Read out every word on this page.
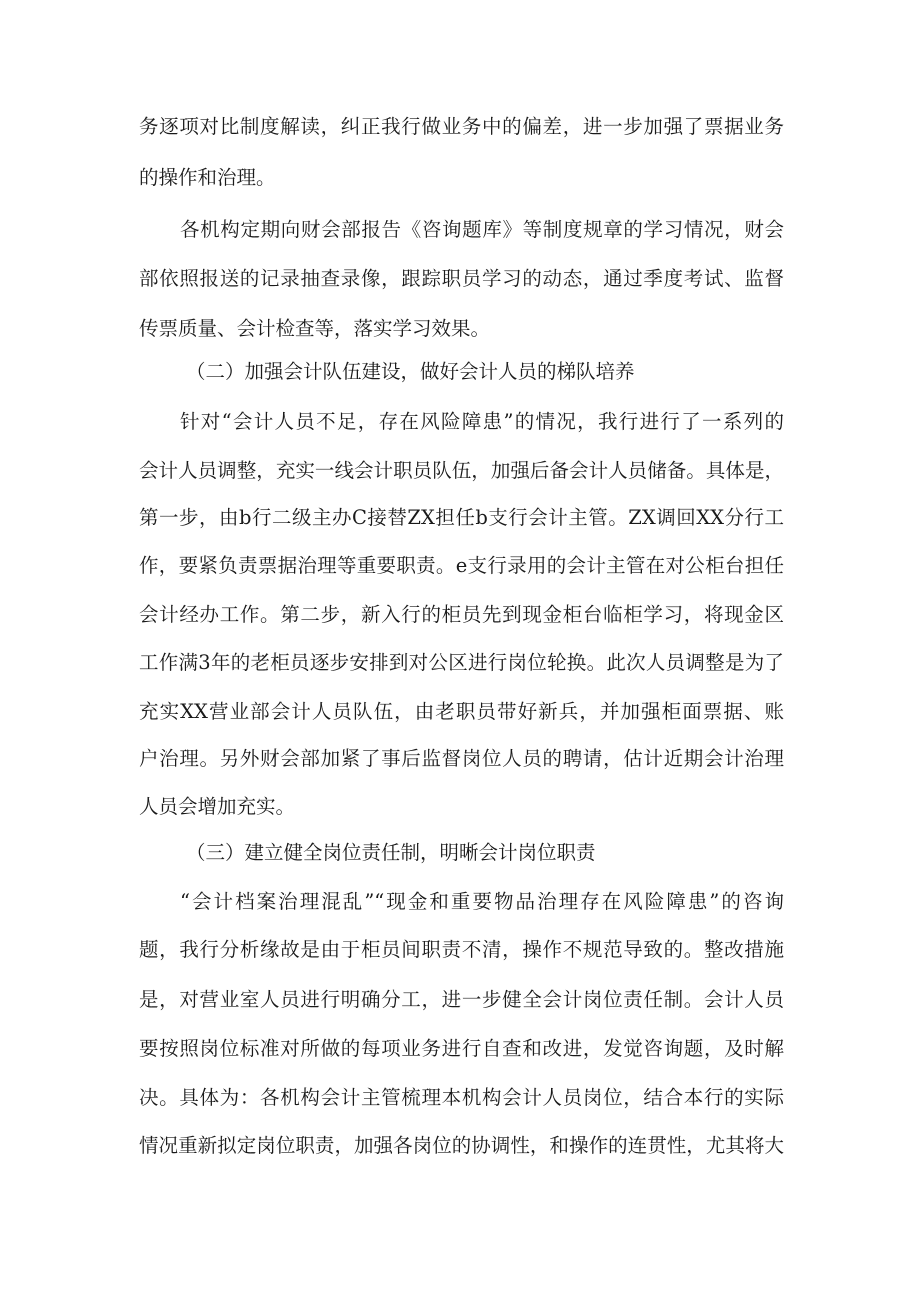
务逐项对比制度解读，纠正我行做业务中的偏差，进一步加强了票据业务
的操作和治理。
各机构定期向财会部报告《咨询题库》等制度规章的学习情况，财会
部依照报送的记录抽查录像，跟踪职员学习的动态，通过季度考试、监督
传票质量、会计检查等，落实学习效果。
（二）加强会计队伍建设，做好会计人员的梯队培养
针对“会计人员不足，存在风险障患”的情况，我行进行了一系列的
会计人员调整，充实一线会计职员队伍，加强后备会计人员储备。具体是，
第一步，由b行二级主办C接替ZX担任b支行会计主管。ZX调回XX分行工
作，要紧负责票据治理等重要职责。e支行录用的会计主管在对公柜台担任
会计经办工作。第二步，新入行的柜员先到现金柜台临柜学习，将现金区
工作满3年的老柜员逐步安排到对公区进行岗位轮换。此次人员调整是为了
充实XX营业部会计人员队伍，由老职员带好新兵，并加强柜面票据、账
户治理。另外财会部加紧了事后监督岗位人员的聘请，估计近期会计治理
人员会增加充实。
（三）建立健全岗位责任制，明晰会计岗位职责
“会计档案治理混乱”“现金和重要物品治理存在风险障患”的咨询
题，我行分析缘故是由于柜员间职责不清，操作不规范导致的。整改措施
是，对营业室人员进行明确分工，进一步健全会计岗位责任制。会计人员
要按照岗位标准对所做的每项业务进行自查和改进，发觉咨询题，及时解
决。具体为：各机构会计主管梳理本机构会计人员岗位，结合本行的实际
情况重新拟定岗位职责，加强各岗位的协调性，和操作的连贯性，尤其将大
